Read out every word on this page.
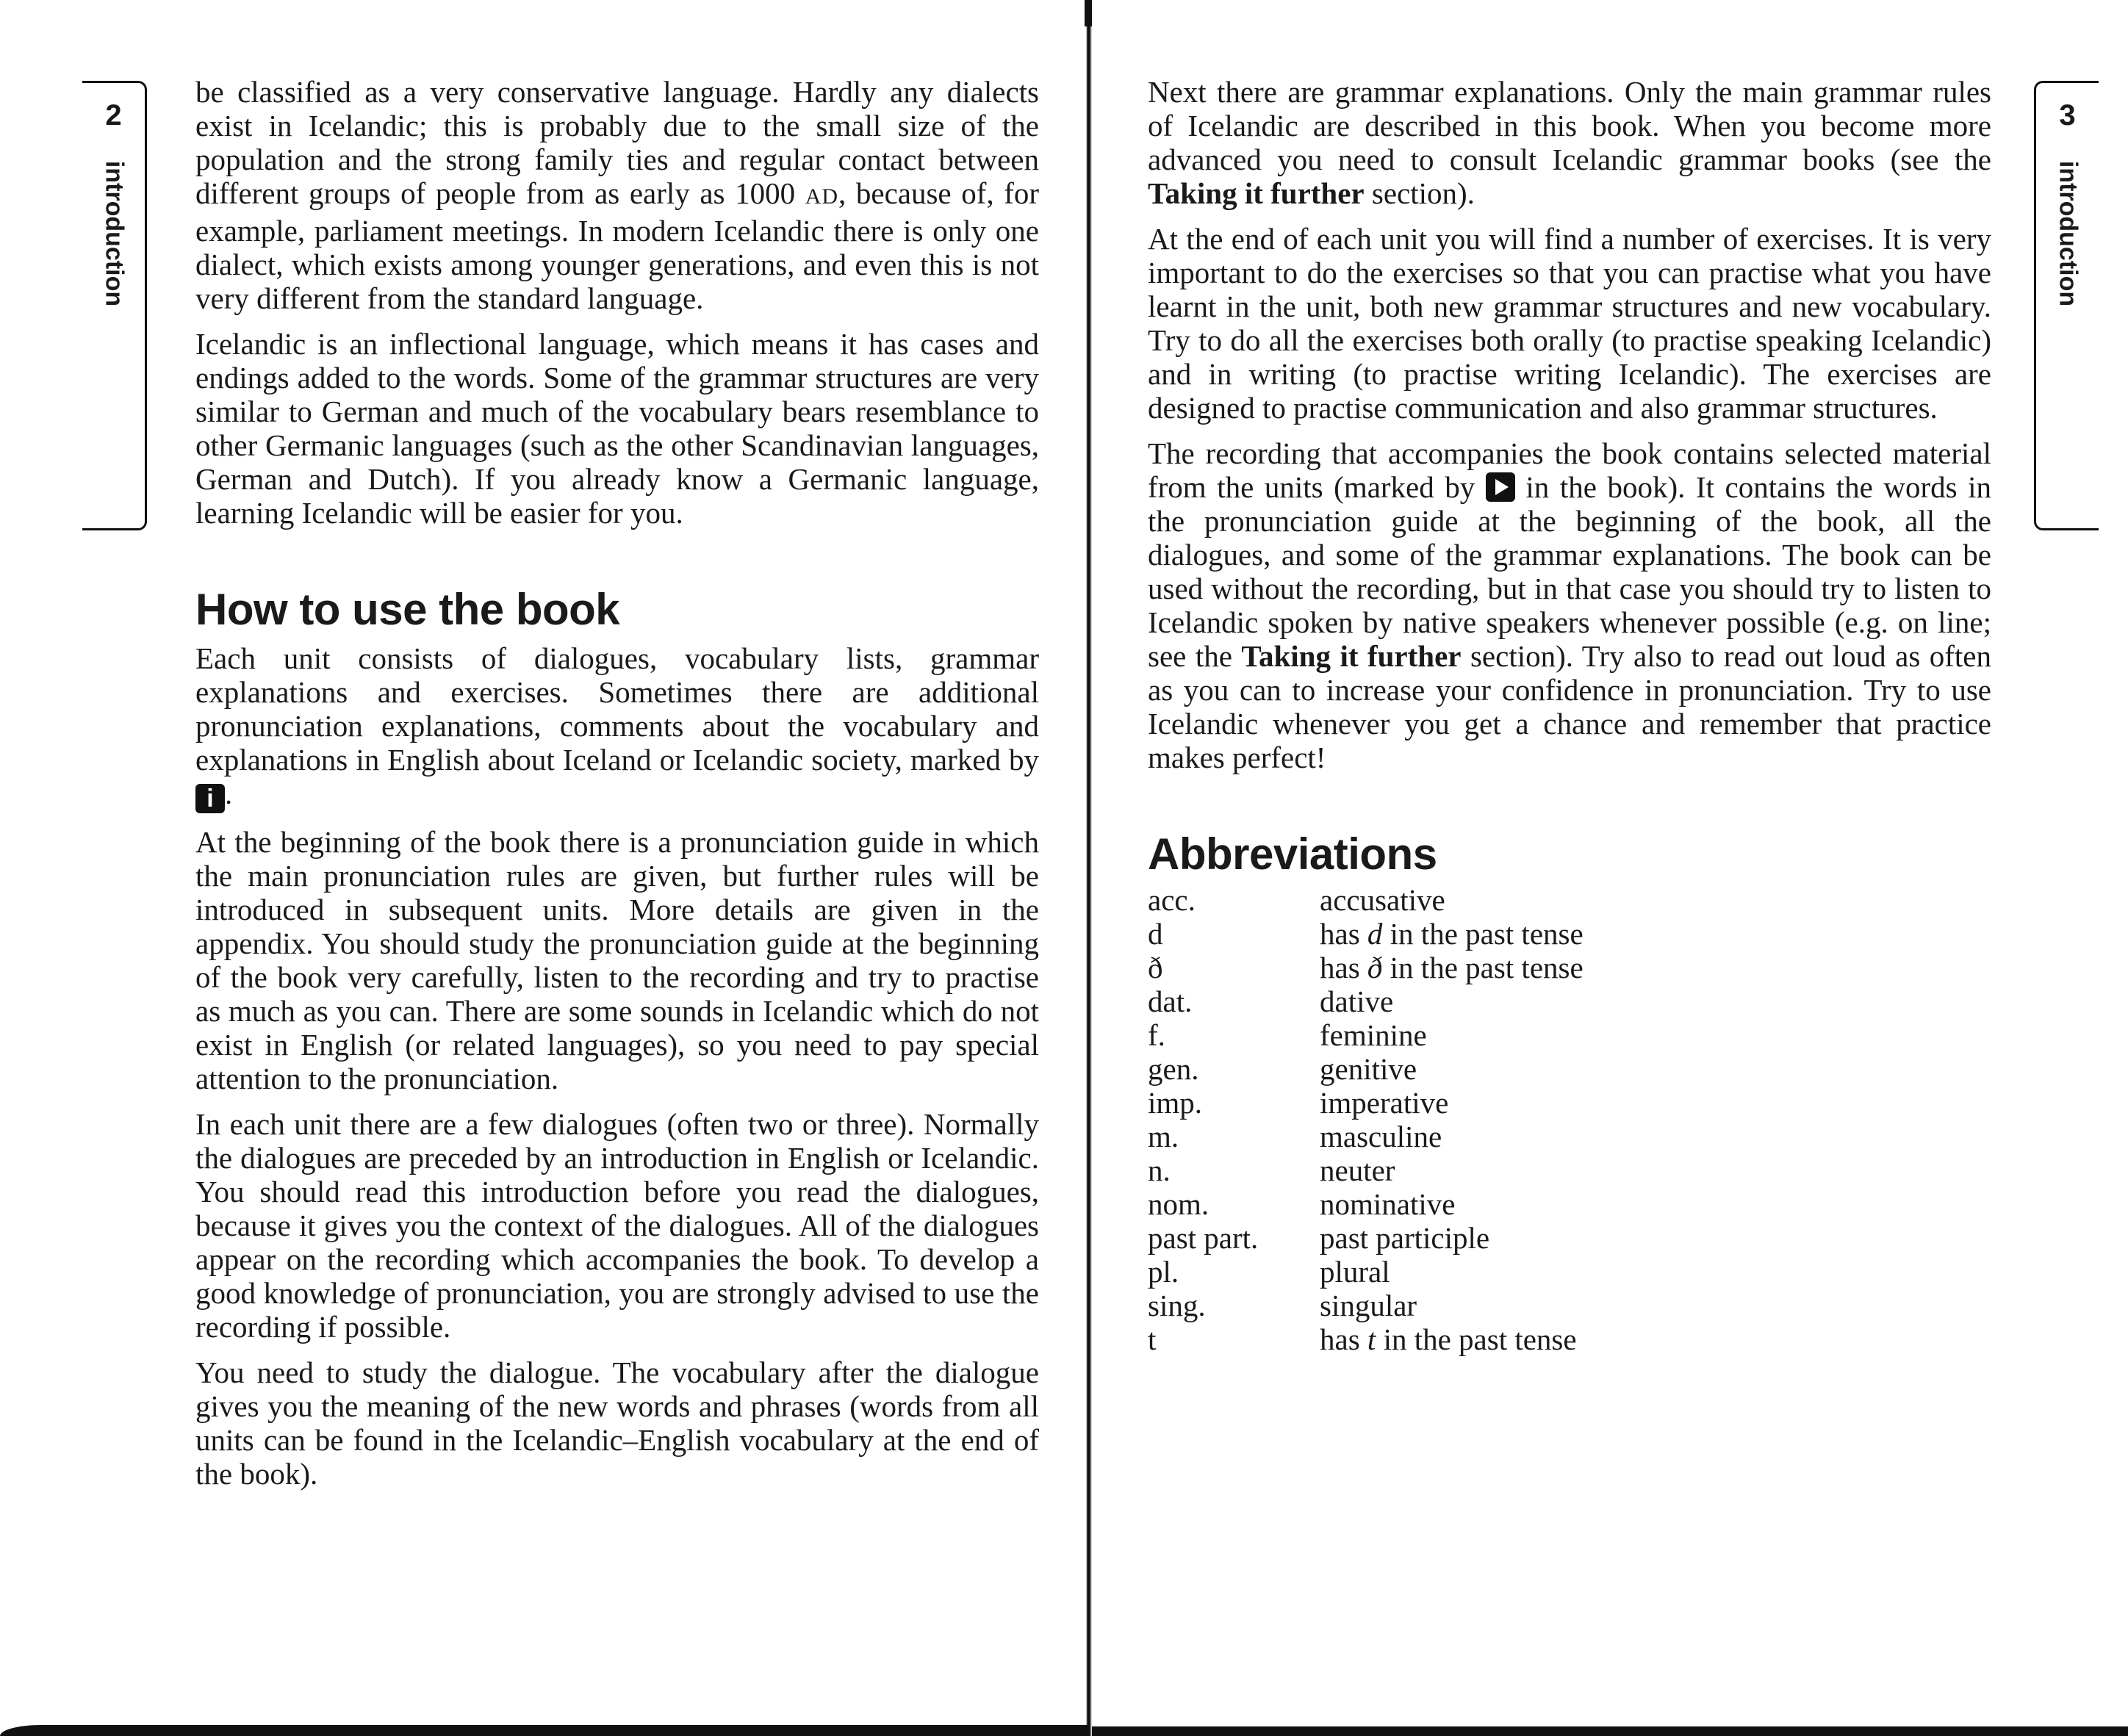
2
introduction

be classified as a very conservative language. Hardly any dialects exist in Icelandic; this is probably due to the small size of the population and the strong family ties and regular contact between different groups of people from as early as 1000 AD, because of, for example, parliament meetings. In modern Icelandic there is only one dialect, which exists among younger generations, and even this is not very different from the standard language.

Icelandic is an inflectional language, which means it has cases and endings added to the words. Some of the grammar structures are very similar to German and much of the vocabulary bears resemblance to other Germanic languages (such as the other Scandinavian languages, German and Dutch). If you already know a Germanic language, learning Icelandic will be easier for you.

How to use the book

Each unit consists of dialogues, vocabulary lists, grammar explanations and exercises. Sometimes there are additional pronunciation explanations, comments about the vocabulary and explanations in English about Iceland or Icelandic society, marked by i .

At the beginning of the book there is a pronunciation guide in which the main pronunciation rules are given, but further rules will be introduced in subsequent units. More details are given in the appendix. You should study the pronunciation guide at the beginning of the book very carefully, listen to the recording and try to practise as much as you can. There are some sounds in Icelandic which do not exist in English (or related languages), so you need to pay special attention to the pronunciation.

In each unit there are a few dialogues (often two or three). Normally the dialogues are preceded by an introduction in English or Icelandic. You should read this introduction before you read the dialogues, because it gives you the context of the dialogues. All of the dialogues appear on the recording which accompanies the book. To develop a good knowledge of pronunciation, you are strongly advised to use the recording if possible.

You need to study the dialogue. The vocabulary after the dialogue gives you the meaning of the new words and phrases (words from all units can be found in the Icelandic–English vocabulary at the end of the book).

3
introduction

Next there are grammar explanations. Only the main grammar rules of Icelandic are described in this book. When you become more advanced you need to consult Icelandic grammar books (see the Taking it further section).

At the end of each unit you will find a number of exercises. It is very important to do the exercises so that you can practise what you have learnt in the unit, both new grammar structures and new vocabulary. Try to do all the exercises both orally (to practise speaking Icelandic) and in writing (to practise writing Icelandic). The exercises are designed to practise communication and also grammar structures.

The recording that accompanies the book contains selected material from the units (marked by  in the book). It contains the words in the pronunciation guide at the beginning of the book, all the dialogues, and some of the grammar explanations. The book can be used without the recording, but in that case you should try to listen to Icelandic spoken by native speakers whenever possible (e.g. on line; see the Taking it further section). Try also to read out loud as often as you can to increase your confidence in pronunciation. Try to use Icelandic whenever you get a chance and remember that practice makes perfect!

Abbreviations
acc.	accusative
d	has d in the past tense
ð	has ð in the past tense
dat.	dative
f.	feminine
gen.	genitive
imp.	imperative
m.	masculine
n.	neuter
nom.	nominative
past part.	past participle
pl.	plural
sing.	singular
t	has t in the past tense
